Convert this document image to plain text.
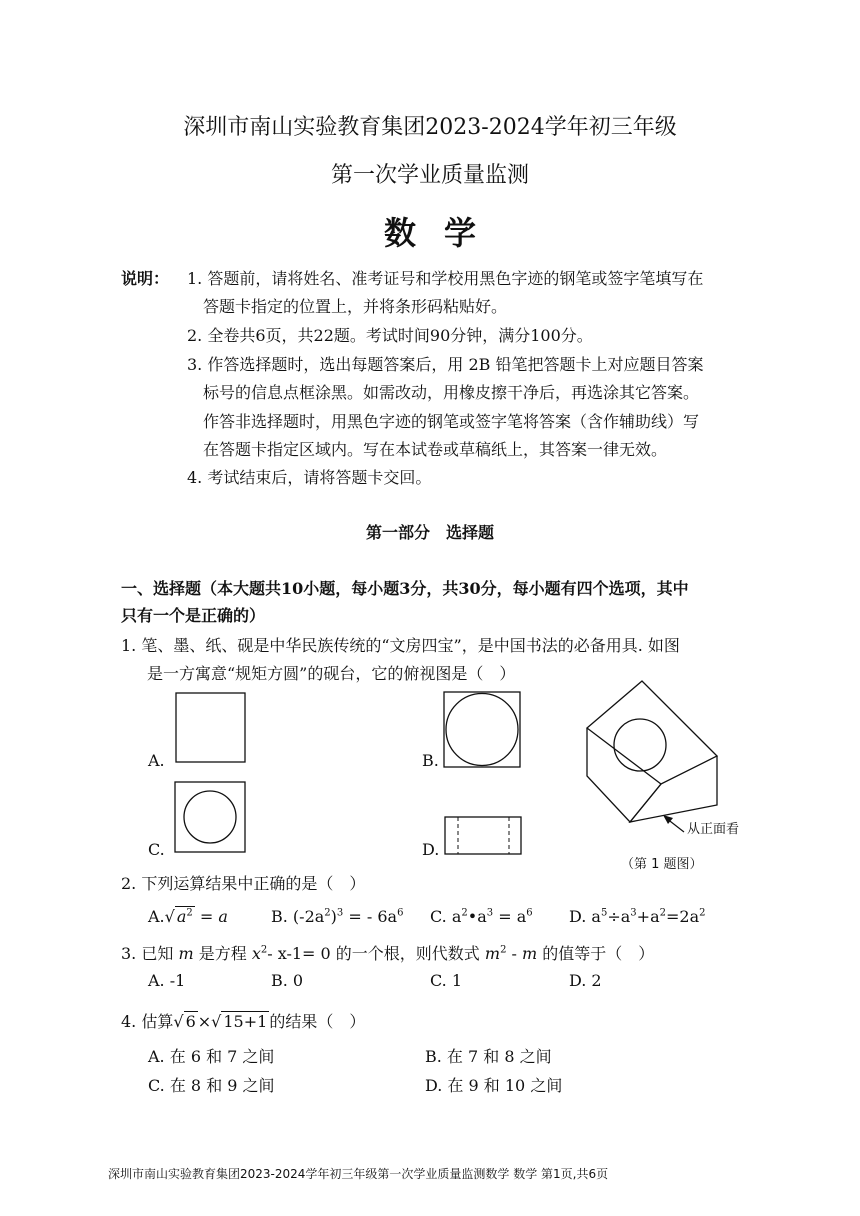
深圳市南山实验教育集团2023-2024学年初三年级
第一次学业质量监测
数学
说明： 1. 答题前，请将姓名、准考证号和学校用黑色字迹的钢笔或签字笔填写在
答题卡指定的位置上，并将条形码粘贴好。
2. 全卷共6页，共22题。考试时间90分钟，满分100分。
3. 作答选择题时，选出每题答案后，用 2B 铅笔把答题卡上对应题目答案
标号的信息点框涂黑。如需改动，用橡皮擦干净后，再选涂其它答案。
作答非选择题时，用黑色字迹的钢笔或签字笔将答案（含作辅助线）写
在答题卡指定区域内。写在本试卷或草稿纸上，其答案一律无效。
4. 考试结束后，请将答题卡交回。
第一部分　选择题
一、选择题（本大题共10小题，每小题3分，共30分，每小题有四个选项，其中
只有一个是正确的）
1. 笔、墨、纸、砚是中华民族传统的“文房四宝”，是中国书法的必备用具. 如图
是一方寓意“规矩方圆”的砚台，它的俯视图是（　）
A.	B.
C.	D.
从正面看
（第 1 题图）
2. 下列运算结果中正确的是（　）
A.√ $a^2 = a$	B. $(-2a^2)^3$ = - $6a^6$ C. $a^2•a^3 = a^6$ D. $a^5\div a^3+a^2=2a^2$
3. 已知 m 是方程 $x^2-$ x-1= 0 的一个根，则代数式 $m^2$ - m 的值等于（　）
A. -1	B. 0	C. 1	D. 2
4. 估算√ 6 ×√ 15+1 的结果（　）
A. 在 6 和 7 之间	B. 在 7 和 8 之间
C. 在 8 和 9 之间	D. 在 9 和 10 之间
深圳市南山实验教育集团2023-2024学年初三年级第一次学业质量监测数学 数学 第1页,共6页
